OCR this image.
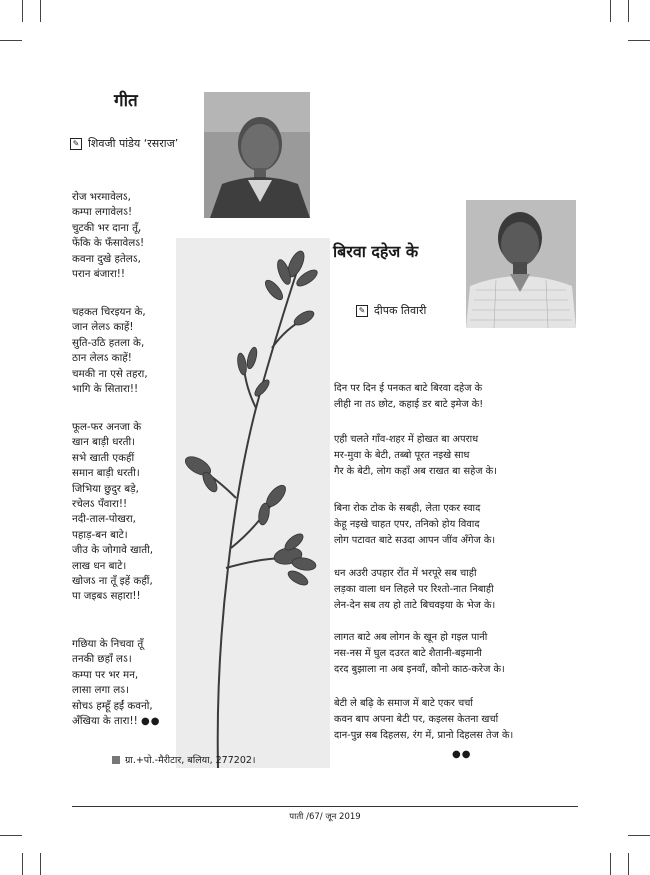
गीत
✎ शिवजी पांडेय ‘रसराज’
रोज भरमावेलऽ,
कम्पा लगावेलऽ!
चुटकी भर दाना तूँ,
फेंकि के फँसावेलऽ!
कवना दुखे हतेलऽ,
परान बंजारा!!
चहकत चिरइयन के,
जान लेलऽ काहें!
सुति-उठि हतला के,
ठान लेलऽ काहें!
चमकी ना एसे तहरा,
भागि के सितारा!!
फूल-फर अनजा के
खान बाड़ी धरती।
सभे खाती एकहीं
समान बाड़ी धरती।
जिभिया छुदुर बड़े,
रचेलऽ पँवारा!!
नदी-ताल-पोखरा,
पहाड़-बन बाटे।
जीउ के जोगावे खाती,
लाख धन बाटे।
खोजऽ ना तूँ इहें कहीं,
पा जइबऽ सहारा!!
गछिया के निचवा तूँ
तनकी छहाँ लऽ।
कम्पा पर भर मन,
लासा लगा लऽ।
सोचऽ हम्हूँ हईं कवनो,
अँखिया के तारा!! ●●
बिरवा दहेज के
✎ दीपक तिवारी
दिन पर दिन ई पनकत बाटे बिरवा दहेज के
लीही ना तऽ छोट, कहाई डर बाटे इमेज के!
एही चलते गाँव-शहर में होखत बा अपराध
मर-मुवा के बेटी, तब्बो पूरत नइखे साध
गैर के बेटी, लोग कहाँ अब राखत बा सहेज के।
बिना रोक टोक के सबही, लेता एकर स्वाद
केहू नइखे चाहत एपर, तनिको होय विवाद
लोग पटावत बाटे सउदा आपन जींव अँगेज के।
धन अउरी उपहार रोंत में भरपूरे सब चाही
लड़का वाला धन लिहले पर रिश्तो-नात निबाही
लेन-देन सब तय हो ताटे बिचवइया के भेज के।
लागत बाटे अब लोगन के खून हो गइल पानी
नस-नस में घुल दउरत बाटे शैतानी-बइमानी
दरद बुझाला ना अब इनवाँ, कौनो काठ-करेज के।
बेटी ले बढ़ि के समाज में बाटे एकर चर्चा
कवन बाप अपना बेटी पर, कइलस केतना खर्चा
दान-पुन्न सब दिहलस, रंग में, प्रानो दिहलस तेज के।
●●
ग्रा.+पो.-मैरीटार, बलिया, 277202।
पाती /67/ जून 2019
